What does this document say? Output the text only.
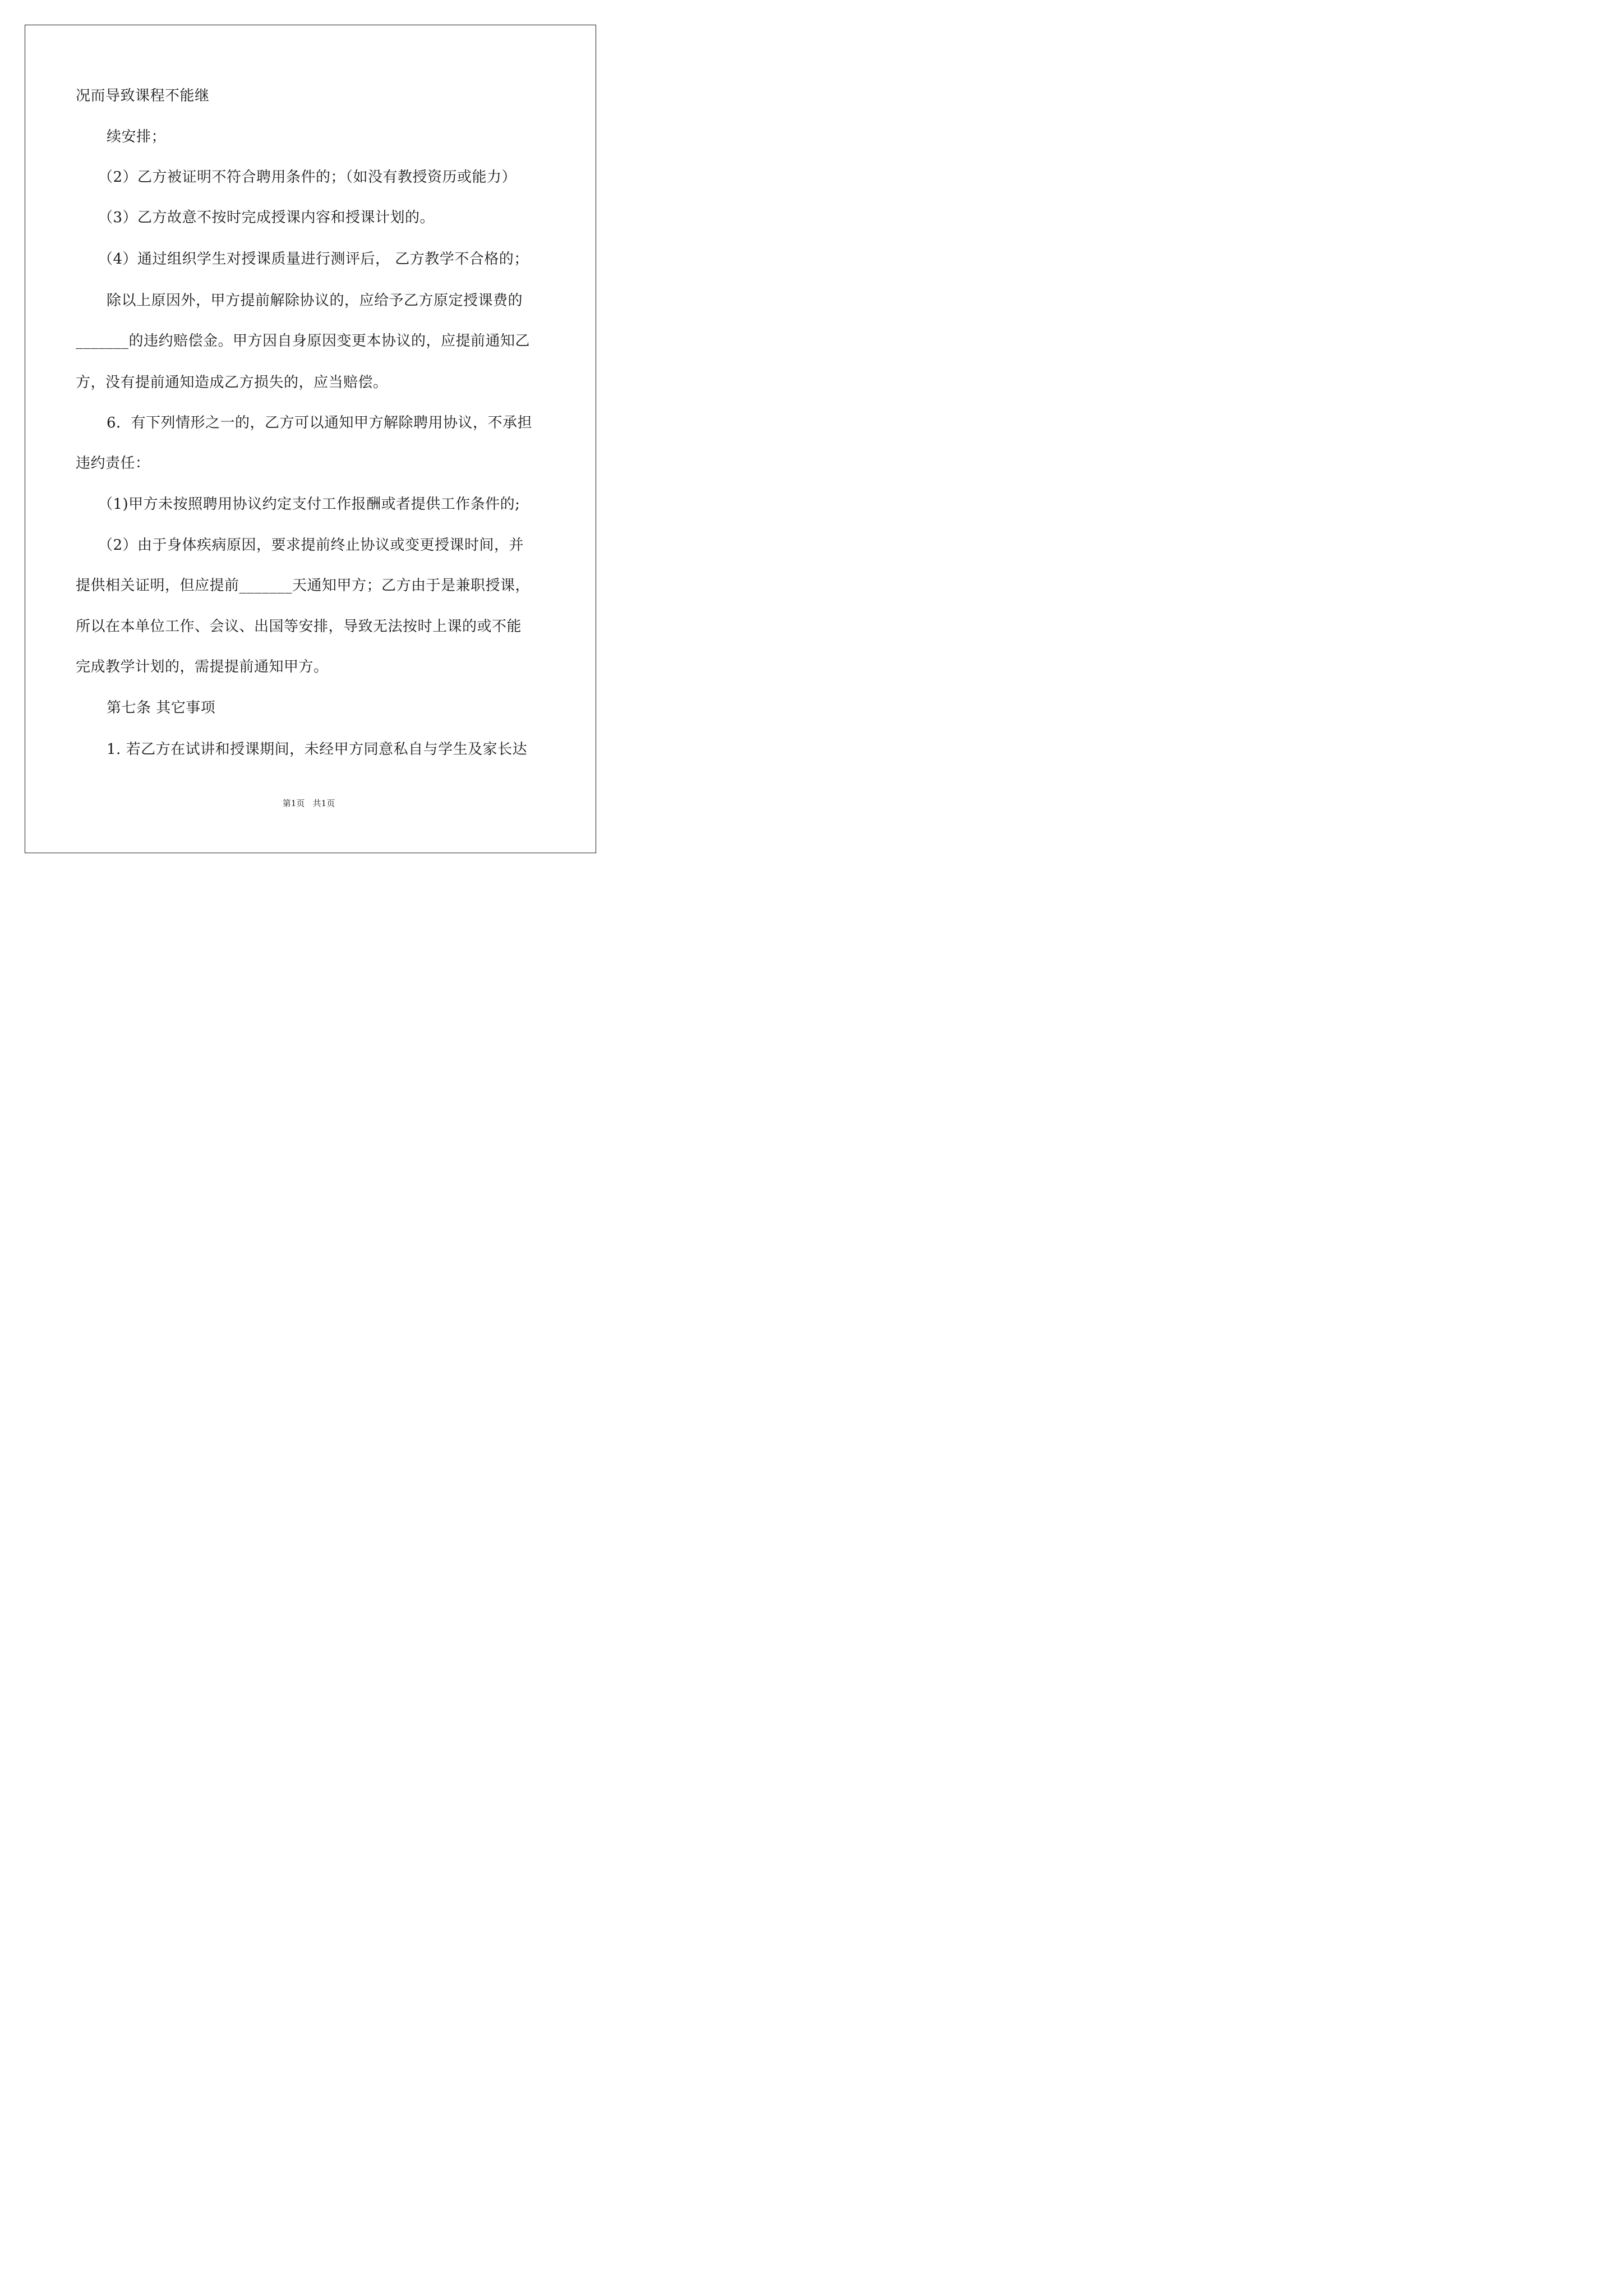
况而导致课程不能继
续安排；
（2）乙方被证明不符合聘用条件的；（如没有教授资历或能力）
（3）乙方故意不按时完成授课内容和授课计划的。
（4）通过组织学生对授课质量进行测评后， 乙方教学不合格的；
除以上原因外，甲方提前解除协议的，应给予乙方原定授课费的
_______的违约赔偿金。甲方因自身原因变更本协议的，应提前通知乙
方，没有提前通知造成乙方损失的，应当赔偿。
6．有下列情形之一的，乙方可以通知甲方解除聘用协议，不承担
违约责任：
（1)甲方未按照聘用协议约定支付工作报酬或者提供工作条件的;
（2）由于身体疾病原因，要求提前终止协议或变更授课时间，并
提供相关证明，但应提前_______天通知甲方；乙方由于是兼职授课，
所以在本单位工作、会议、出国等安排，导致无法按时上课的或不能
完成教学计划的，需提提前通知甲方。
第七条 其它事项
1. 若乙方在试讲和授课期间，未经甲方同意私自与学生及家长达
第1页   共1页
